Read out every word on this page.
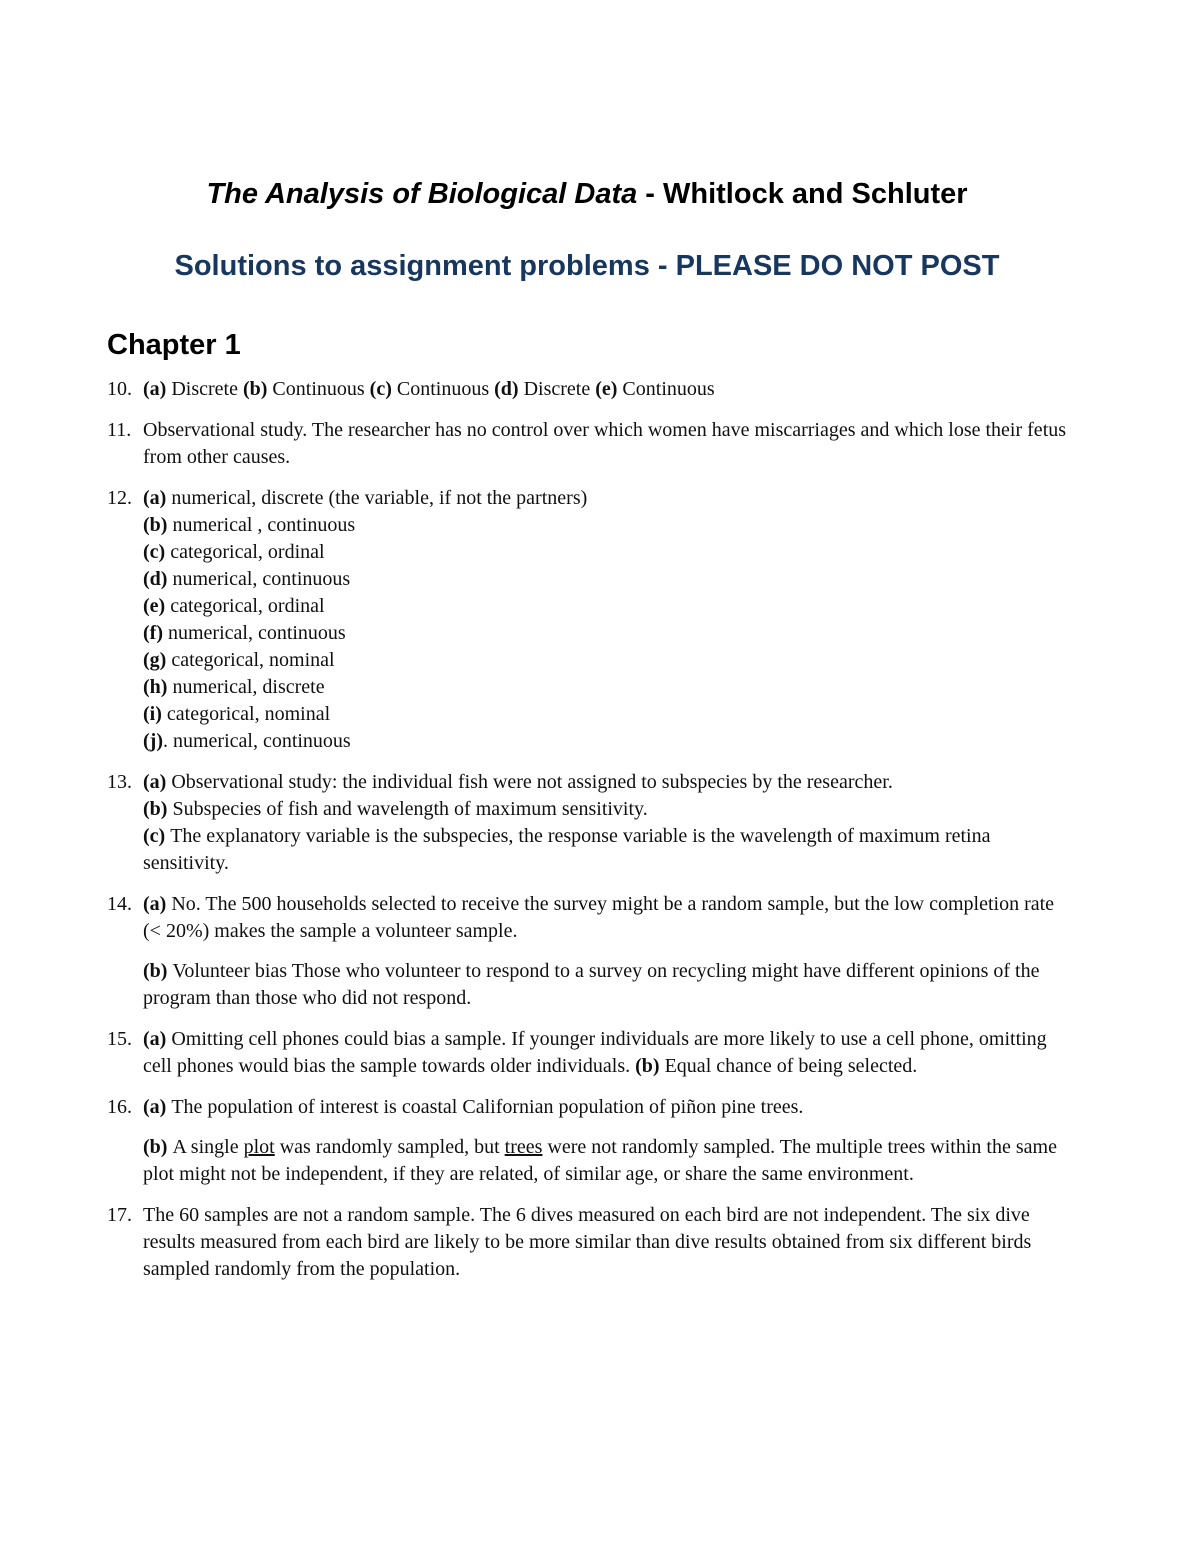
The Analysis of Biological Data - Whitlock and Schluter
Solutions to assignment problems - PLEASE DO NOT POST
Chapter 1
10. (a) Discrete (b) Continuous (c) Continuous (d) Discrete (e) Continuous
11. Observational study. The researcher has no control over which women have miscarriages and which lose their fetus from other causes.
12. (a) numerical, discrete (the variable, if not the partners)
(b) numerical , continuous
(c) categorical, ordinal
(d) numerical, continuous
(e) categorical, ordinal
(f) numerical, continuous
(g) categorical, nominal
(h) numerical, discrete
(i) categorical, nominal
(j). numerical, continuous
13. (a) Observational study: the individual fish were not assigned to subspecies by the researcher.
(b) Subspecies of fish and wavelength of maximum sensitivity.
(c) The explanatory variable is the subspecies, the response variable is the wavelength of maximum retina sensitivity.
14. (a) No. The 500 households selected to receive the survey might be a random sample, but the low completion rate (< 20%) makes the sample a volunteer sample.
(b) Volunteer bias Those who volunteer to respond to a survey on recycling might have different opinions of the program than those who did not respond.
15. (a) Omitting cell phones could bias a sample. If younger individuals are more likely to use a cell phone, omitting cell phones would bias the sample towards older individuals. (b) Equal chance of being selected.
16. (a) The population of interest is coastal Californian population of piñon pine trees.
(b) A single plot was randomly sampled, but trees were not randomly sampled. The multiple trees within the same plot might not be independent, if they are related, of similar age, or share the same environment.
17. The 60 samples are not a random sample. The 6 dives measured on each bird are not independent. The six dive results measured from each bird are likely to be more similar than dive results obtained from six different birds sampled randomly from the population.
